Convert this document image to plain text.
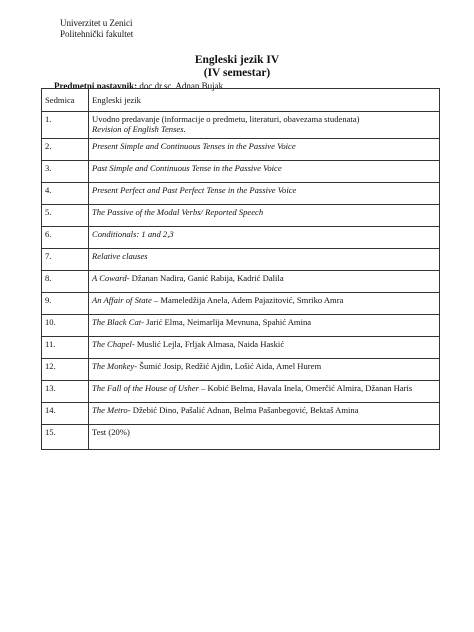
Univerzitet u Zenici
Politehnički fakultet
Engleski jezik IV
(IV semestar)
Predmetni nastavnik: doc.dr.sc. Adnan Bujak
Sedmica	Engleski jezik
1.	Uvodno predavanje (informacije o predmetu, literaturi, obavezama studenata)
Revision of English Tenses.
2.	Present Simple and Continuous Tenses in the Passive Voice
3.	Past Simple and Continuous Tense in the Passive Voice
4.	Present Perfect and Past Perfect Tense in the Passive Voice
5.	The Passive of the Modal Verbs/ Reported Speech
6.	Conditionals: 1 and 2,3
7.	Relative clauses
8.	A Coward- Džanan Nadira, Ganić Rabija, Kadrić Dalila
9.	An Affair of State – Mameledžija Anela, Adem Pajazitović, Smriko Amra
10.	The Black Cat- Jarić Elma, Neimarlija Mevnuna, Spahić Amina
11.	The Chapel- Muslić Lejla, Frljak Almasa, Naida Haskić
12.	The Monkey- Šumić Josip, Redžić Ajdin, Lošić Aida, Amel Hurem
13.	The Fall of the House of Usher – Kobić Belma, Havala Inela, Omerčić Almira, Džanan Haris
14.	The Metro- Džebić Dino, Pašalić Adnan, Belma Pašanbegović, Bektaš Amina
15.	Test (20%)
